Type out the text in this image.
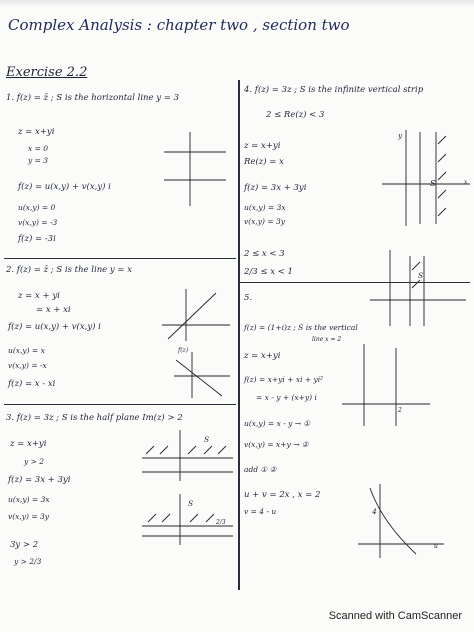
Complex Analysis : chapter two , section two
Exercise 2.2
1. f(z) = z̄ ; S is the horizontal line y = 3
z = x+yi
x = 0
y = 3
f(z) = u(x,y) + v(x,y) i
u(x,y) = 0
v(x,y) = -3
f(z) = -3i
2. f(z) = z̄ ; S is the line y = x
z = x + yi
= x + xi
f(z) = u(x,y) + v(x,y) i
u(x,y) = x
v(x,y) = -x
f(z) = x - xi
f(z)
3. f(z) = 3z ; S is the half plane Im(z) > 2
z = x+yi
y > 2
f(z) = 3x + 3yi
u(x,y) = 3x
v(x,y) = 3y
3y > 2
y > 2/3
S
S
2/3
4. f(z) = 3z ; S is the infinite vertical strip
2 ≤ Re(z) < 3
z = x+yi
Re(z) = x
f(z) = 3x + 3yi
u(x,y) = 3x
v(x,y) = 3y
2 ≤ x < 3
2/3 ≤ x < 1
y
S	x
S
5.
f(z) = (1+i)z ; S is the vertical
line x = 2
z = x+yi
f(z) = x+yi + xi + yi²
= x - y + (x+y) i
u(x,y) = x - y → ①
v(x,y) = x+y → ②
add ① ②
u + v = 2x , x = 2
v = 4 - u
2
4
u
Scanned with CamScanner
